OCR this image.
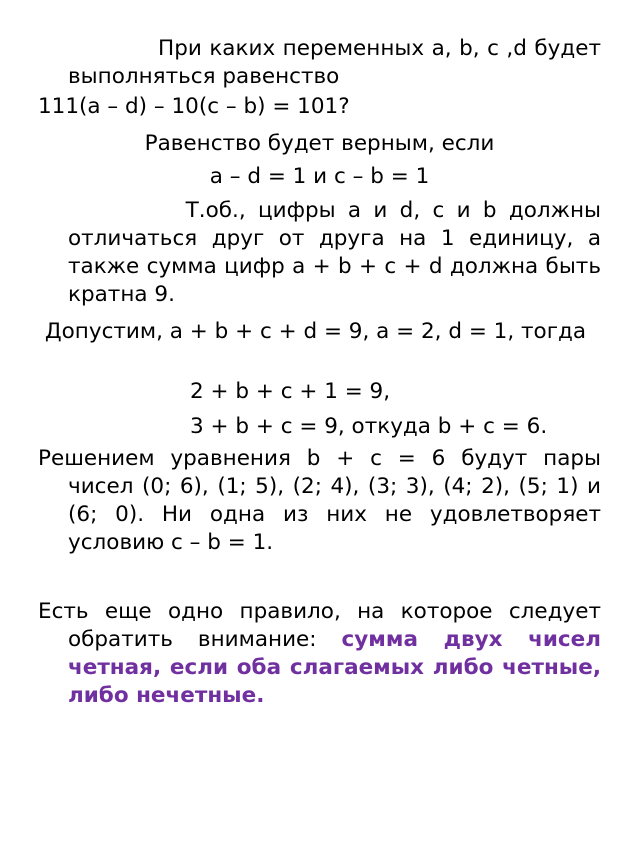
При каких переменных a, b, c ,d будет выполняться равенство

111(a – d) – 10(c – b) = 101?

Равенство будет верным, если

a – d = 1 и c – b = 1

Т.об., цифры a и d, c и b должны отличаться друг от друга на 1 единицу, а также сумма цифр a + b + c + d должна быть кратна 9.

Допустим, a + b + c + d = 9, a = 2, d = 1, тогда

2 + b + c + 1 = 9,

3 + b + c = 9, откуда b + c = 6.

Решением уравнения b + c = 6 будут пары чисел (0; 6), (1; 5), (2; 4), (3; 3), (4; 2), (5; 1) и (6; 0). Ни одна из них не удовлетворяет условию c – b = 1.

Есть еще одно правило, на которое следует обратить внимание: сумма двух чисел четная, если оба слагаемых либо четные, либо нечетные.
